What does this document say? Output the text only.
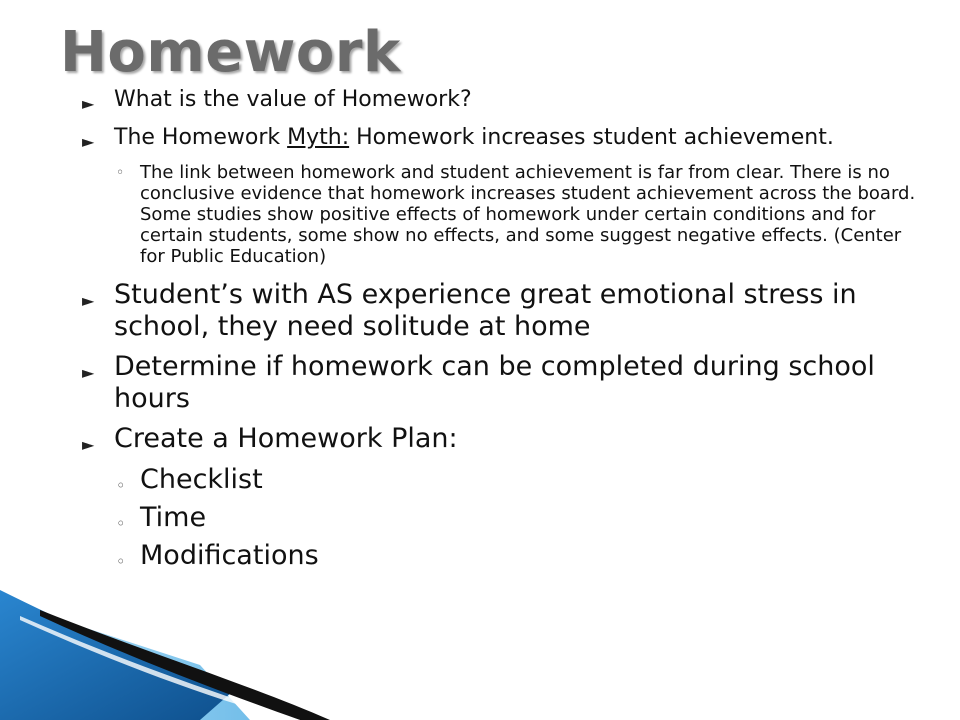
Homework
► What is the value of Homework?
► The Homework Myth: Homework increases student achievement.
◦ The link between homework and student achievement is far from clear. There is no conclusive evidence that homework increases student achievement across the board. Some studies show positive effects of homework under certain conditions and for certain students, some show no effects, and some suggest negative effects. (Center for Public Education)
► Student’s with AS experience great emotional stress in school, they need solitude at home
► Determine if homework can be completed during school hours
► Create a Homework Plan:
◦ Checklist
◦ Time
◦ Modifications
